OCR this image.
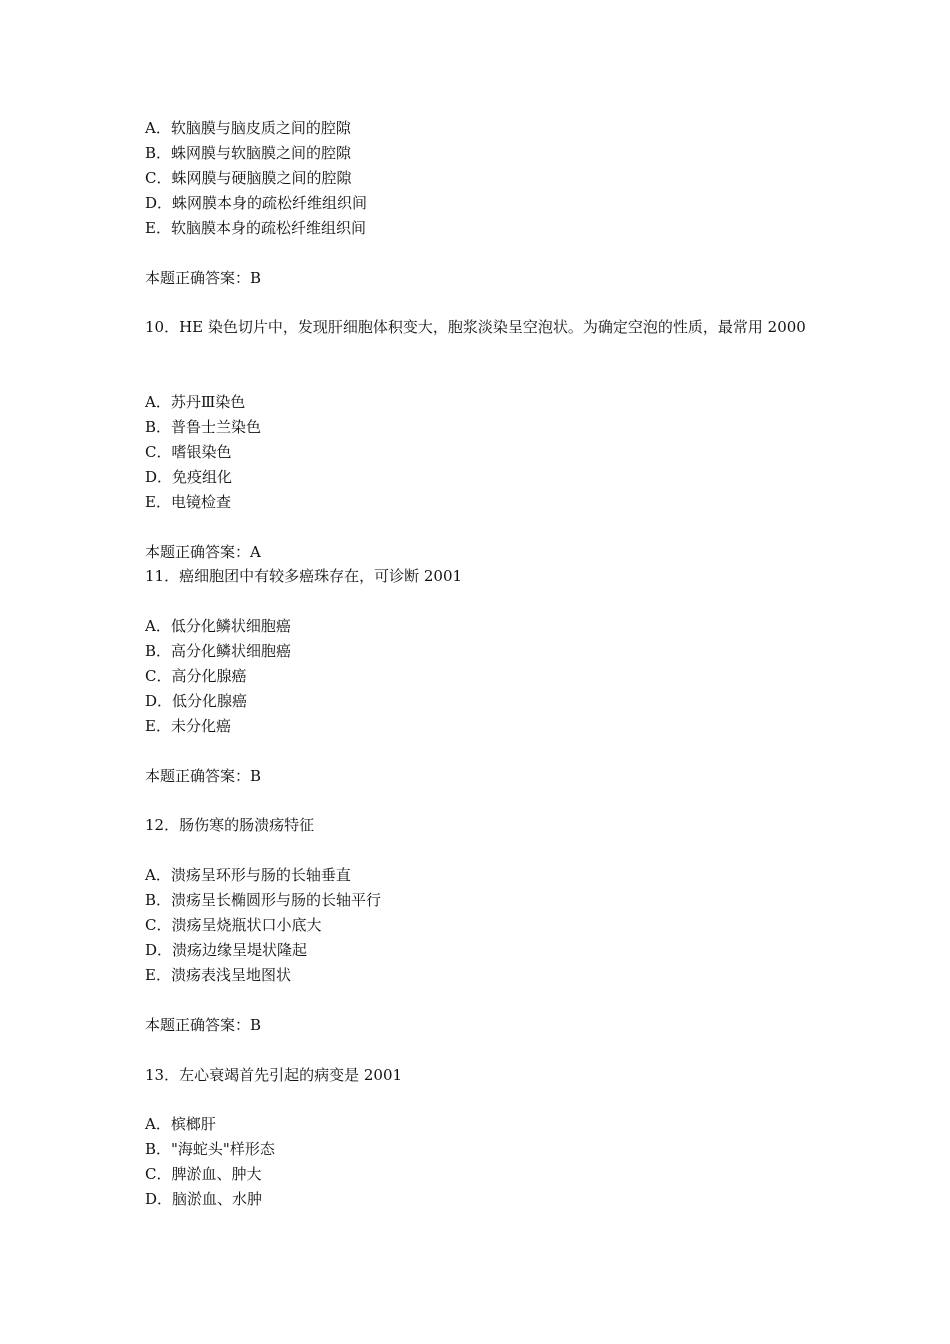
A．软脑膜与脑皮质之间的腔隙
B．蛛网膜与软脑膜之间的腔隙
C．蛛网膜与硬脑膜之间的腔隙
D．蛛网膜本身的疏松纤维组织间
E．软脑膜本身的疏松纤维组织间
本题正确答案：B
10．HE 染色切片中，发现肝细胞体积变大，胞浆淡染呈空泡状。为确定空泡的性质，最常用 2000
A．苏丹Ⅲ染色
B．普鲁士兰染色
C．嗜银染色
D．免疫组化
E．电镜检查
本题正确答案：A
11．癌细胞团中有较多癌珠存在，可诊断 2001
A．低分化鳞状细胞癌
B．高分化鳞状细胞癌
C．高分化腺癌
D．低分化腺癌
E．未分化癌
本题正确答案：B
12．肠伤寒的肠溃疡特征
A．溃疡呈环形与肠的长轴垂直
B．溃疡呈长椭圆形与肠的长轴平行
C．溃疡呈烧瓶状口小底大
D．溃疡边缘呈堤状隆起
E．溃疡表浅呈地图状
本题正确答案：B
13．左心衰竭首先引起的病变是 2001
A．槟榔肝
B．"海蛇头"样形态
C．脾淤血、肿大
D．脑淤血、水肿
